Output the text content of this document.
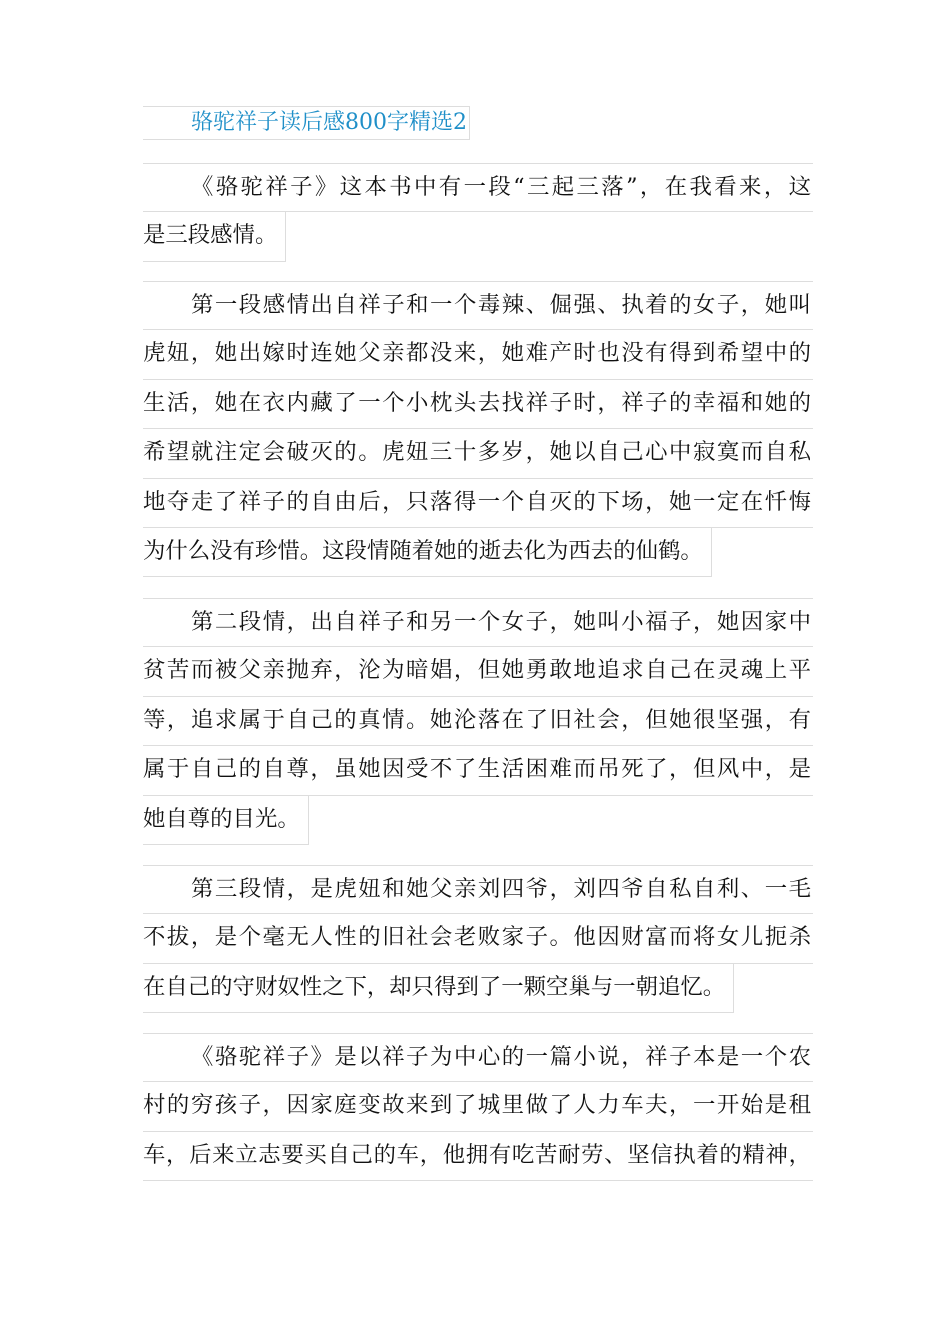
骆驼祥子读后感800字精选2
《骆驼祥子》这本书中有一段“三起三落”，在我看来，这
是三段感情。
第一段感情出自祥子和一个毒辣、倔强、执着的女子，她叫
虎妞，她出嫁时连她父亲都没来，她难产时也没有得到希望中的
生活，她在衣内藏了一个小枕头去找祥子时，祥子的幸福和她的
希望就注定会破灭的。虎妞三十多岁，她以自己心中寂寞而自私
地夺走了祥子的自由后，只落得一个自灭的下场，她一定在忏悔
为什么没有珍惜。这段情随着她的逝去化为西去的仙鹤。
第二段情，出自祥子和另一个女子，她叫小福子，她因家中
贫苦而被父亲抛弃，沦为暗娼，但她勇敢地追求自己在灵魂上平
等，追求属于自己的真情。她沦落在了旧社会，但她很坚强，有
属于自己的自尊，虽她因受不了生活困难而吊死了，但风中，是
她自尊的目光。
第三段情，是虎妞和她父亲刘四爷，刘四爷自私自利、一毛
不拔，是个毫无人性的旧社会老败家子。他因财富而将女儿扼杀
在自己的守财奴性之下，却只得到了一颗空巢与一朝追忆。
《骆驼祥子》是以祥子为中心的一篇小说，祥子本是一个农
村的穷孩子，因家庭变故来到了城里做了人力车夫，一开始是租
车，后来立志要买自己的车，他拥有吃苦耐劳、坚信执着的精神，
